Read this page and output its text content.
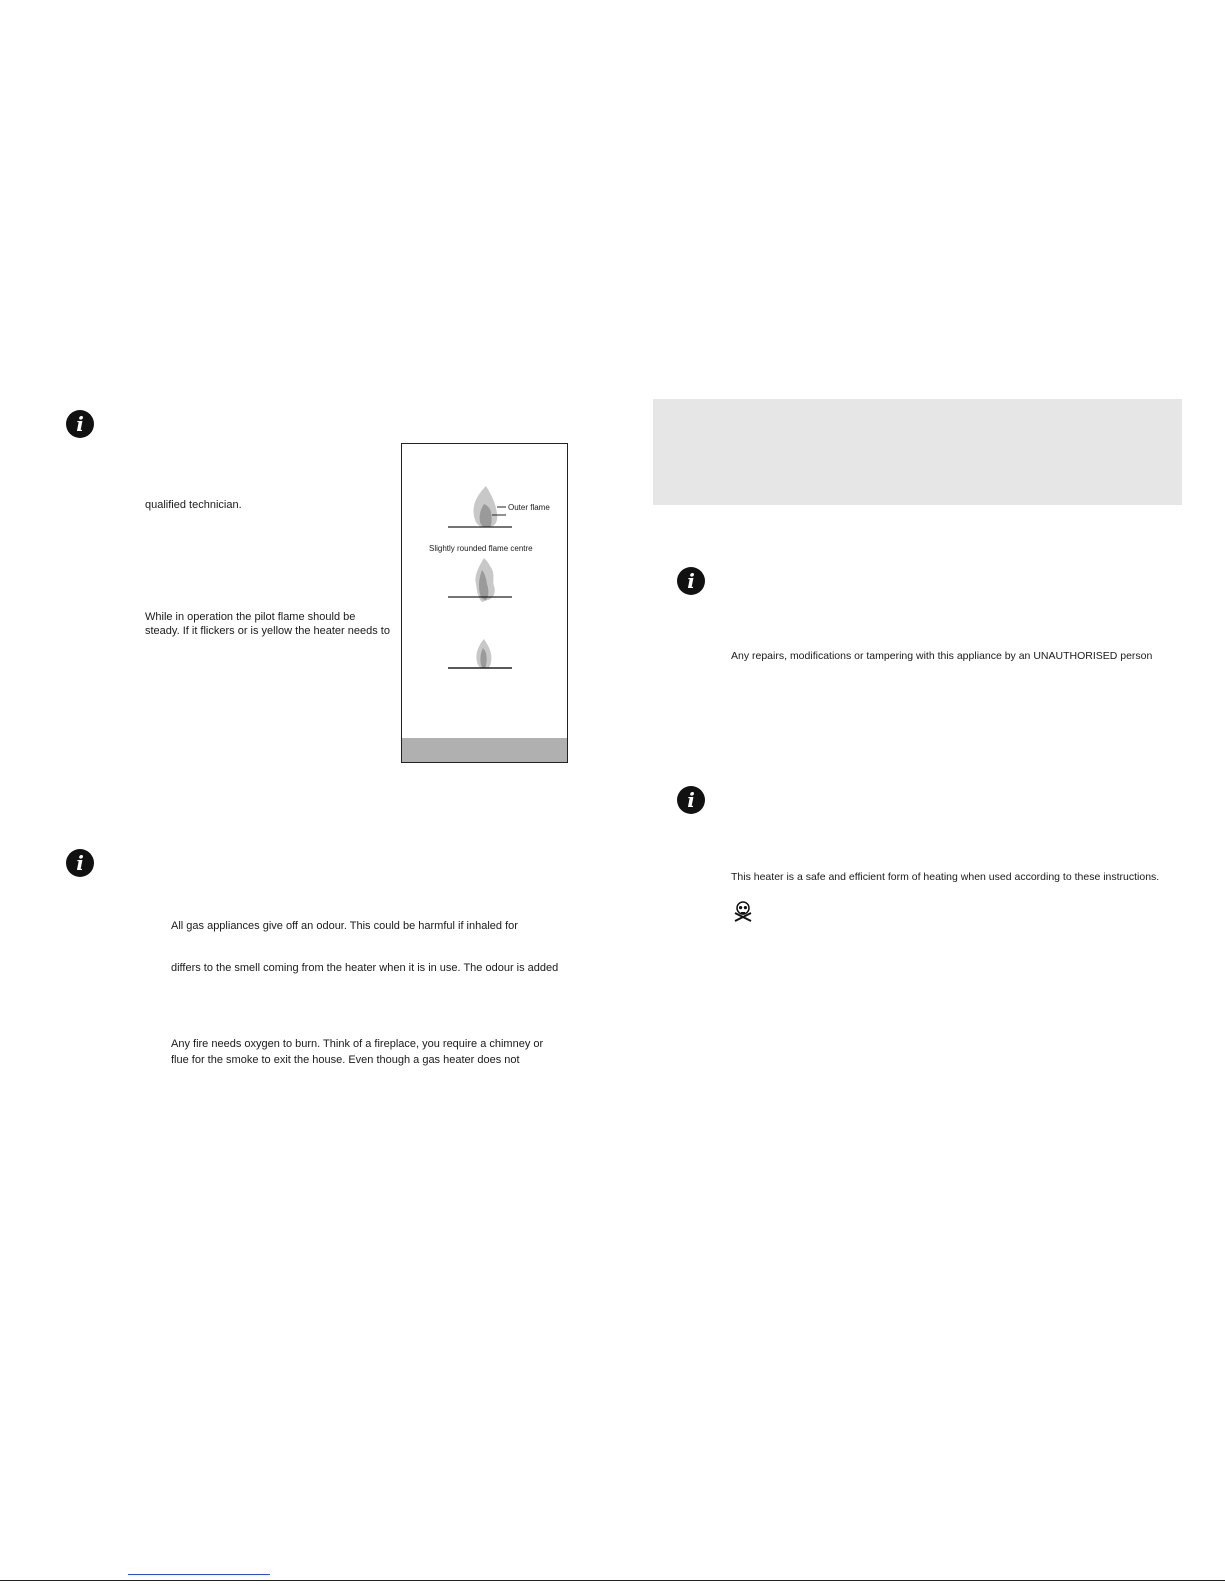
i
qualified technician.
While in operation the pilot flame should be
steady. If it flickers or is yellow the heater needs to
Outer flame
Slightly rounded flame centre
i
All gas appliances give off an odour. This could be harmful if inhaled for
differs to the smell coming from the heater when it is in use. The odour is added
Any fire needs oxygen to burn. Think of a fireplace, you require a chimney or
flue for the smoke to exit the house. Even though a gas heater does not
i
Any repairs, modifications or tampering with this appliance by an UNAUTHORISED person
i
This heater is a safe and efficient form of heating when used according to these instructions.
